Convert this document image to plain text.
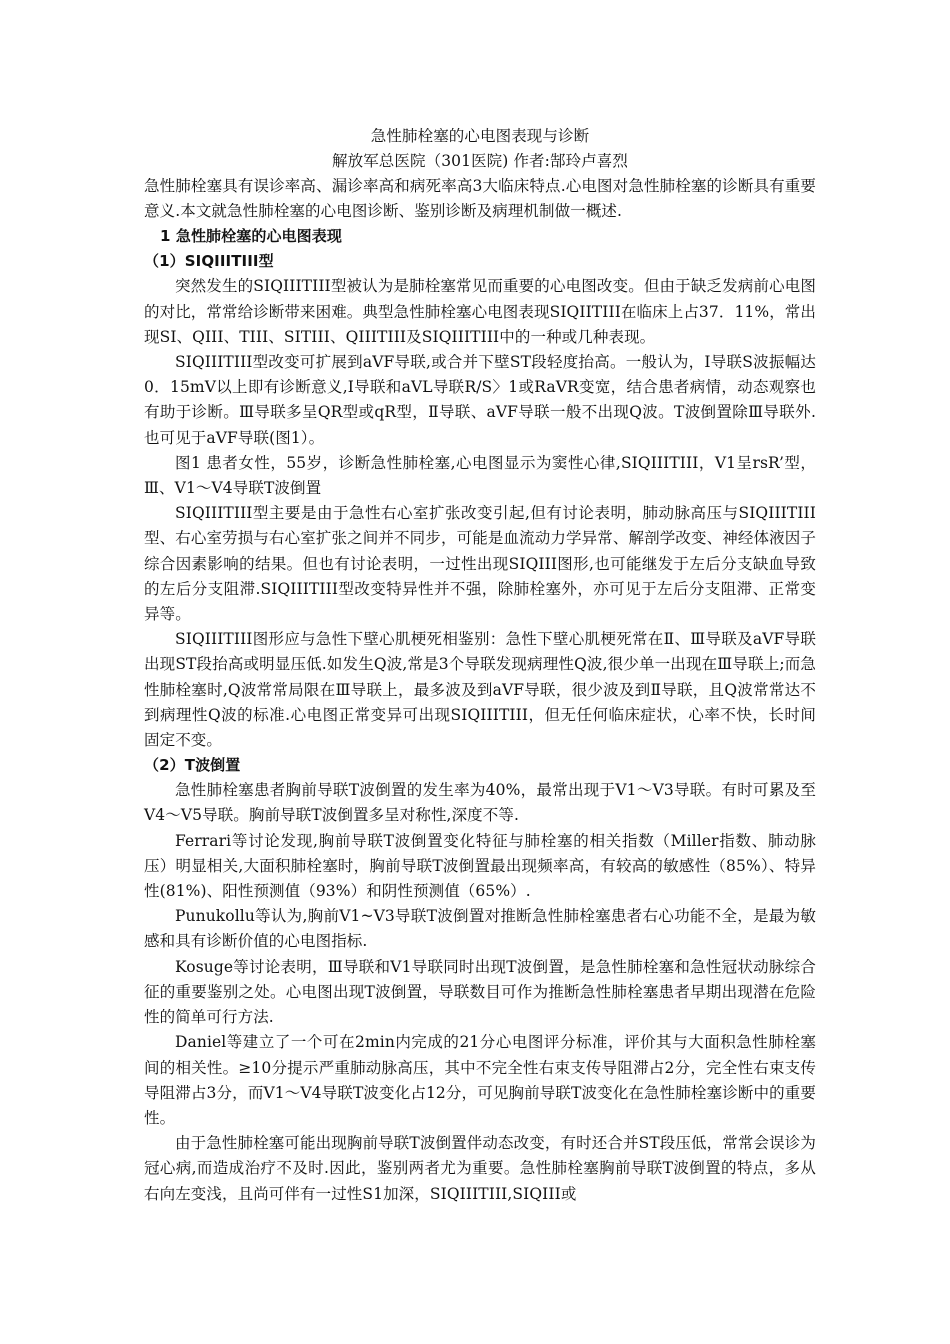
急性肺栓塞的心电图表现与诊断

解放军总医院（301医院) 作者:郜玲卢喜烈

急性肺栓塞具有误诊率高、漏诊率高和病死率高3大临床特点.心电图对急性肺栓塞的诊断具有重要意义.本文就急性肺栓塞的心电图诊断、鉴别诊断及病理机制做一概述.

1 急性肺栓塞的心电图表现

（1）SIQIIITIII型

突然发生的SIQIIITIII型被认为是肺栓塞常见而重要的心电图改变。但由于缺乏发病前心电图的对比，常常给诊断带来困难。典型急性肺栓塞心电图表现SIQIITIII在临床上占37．11%，常出现SI、QIII、TIII、SITIII、QIIITIII及SIQIIITIII中的一种或几种表现。

SIQIIITIII型改变可扩展到aVF导联,或合并下壁ST段轻度抬高。一般认为，I导联S波振幅达0．15mV以上即有诊断意义,I导联和aVL导联R/S〉1或RaVR变宽，结合患者病情，动态观察也有助于诊断。Ⅲ导联多呈QR型或qR型，Ⅱ导联、aVF导联一般不出现Q波。T波倒置除Ⅲ导联外.也可见于aVF导联(图1）。

图1 患者女性，55岁，诊断急性肺栓塞,心电图显示为窦性心律,SIQIIITIII，V1呈rsR’型，Ⅲ、V1～V4导联T波倒置

SIQIIITIII型主要是由于急性右心室扩张改变引起,但有讨论表明，肺动脉高压与SIQIIITIII型、右心室劳损与右心室扩张之间并不同步，可能是血流动力学异常、解剖学改变、神经体液因子综合因素影响的结果。但也有讨论表明，一过性出现SIQIII图形,也可能继发于左后分支缺血导致的左后分支阻滞.SIQIIITIII型改变特异性并不强，除肺栓塞外，亦可见于左后分支阻滞、正常变异等。

SIQIIITIII图形应与急性下壁心肌梗死相鉴别：急性下壁心肌梗死常在Ⅱ、Ⅲ导联及aVF导联出现ST段抬高或明显压低.如发生Q波,常是3个导联发现病理性Q波,很少单一出现在Ⅲ导联上;而急性肺栓塞时,Q波常常局限在Ⅲ导联上，最多波及到aVF导联，很少波及到Ⅱ导联，且Q波常常达不到病理性Q波的标准.心电图正常变异可出现SIQIIITIII，但无任何临床症状，心率不快，长时间固定不变。

（2）T波倒置

急性肺栓塞患者胸前导联T波倒置的发生率为40%，最常出现于V1～V3导联。有时可累及至V4～V5导联。胸前导联T波倒置多呈对称性,深度不等.

Ferrari等讨论发现,胸前导联T波倒置变化特征与肺栓塞的相关指数（Miller指数、肺动脉压）明显相关,大面积肺栓塞时，胸前导联T波倒置最出现频率高，有较高的敏感性（85%）、特异性(81%)、阳性预测值（93%）和阴性预测值（65%）.

Punukollu等认为,胸前V1~V3导联T波倒置对推断急性肺栓塞患者右心功能不全，是最为敏感和具有诊断价值的心电图指标.

Kosuge等讨论表明，Ⅲ导联和V1导联同时出现T波倒置，是急性肺栓塞和急性冠状动脉综合征的重要鉴别之处。心电图出现T波倒置，导联数目可作为推断急性肺栓塞患者早期出现潜在危险性的简单可行方法.

Daniel等建立了一个可在2min内完成的21分心电图评分标准，评价其与大面积急性肺栓塞间的相关性。≥10分提示严重肺动脉高压，其中不完全性右束支传导阻滞占2分，完全性右束支传导阻滞占3分，而V1～V4导联T波变化占12分，可见胸前导联T波变化在急性肺栓塞诊断中的重要性。

由于急性肺栓塞可能出现胸前导联T波倒置伴动态改变，有时还合并ST段压低，常常会误诊为冠心病,而造成治疗不及时.因此，鉴别两者尤为重要。急性肺栓塞胸前导联T波倒置的特点，多从右向左变浅，且尚可伴有一过性S1加深，SIQIIITIII,SIQIII或
